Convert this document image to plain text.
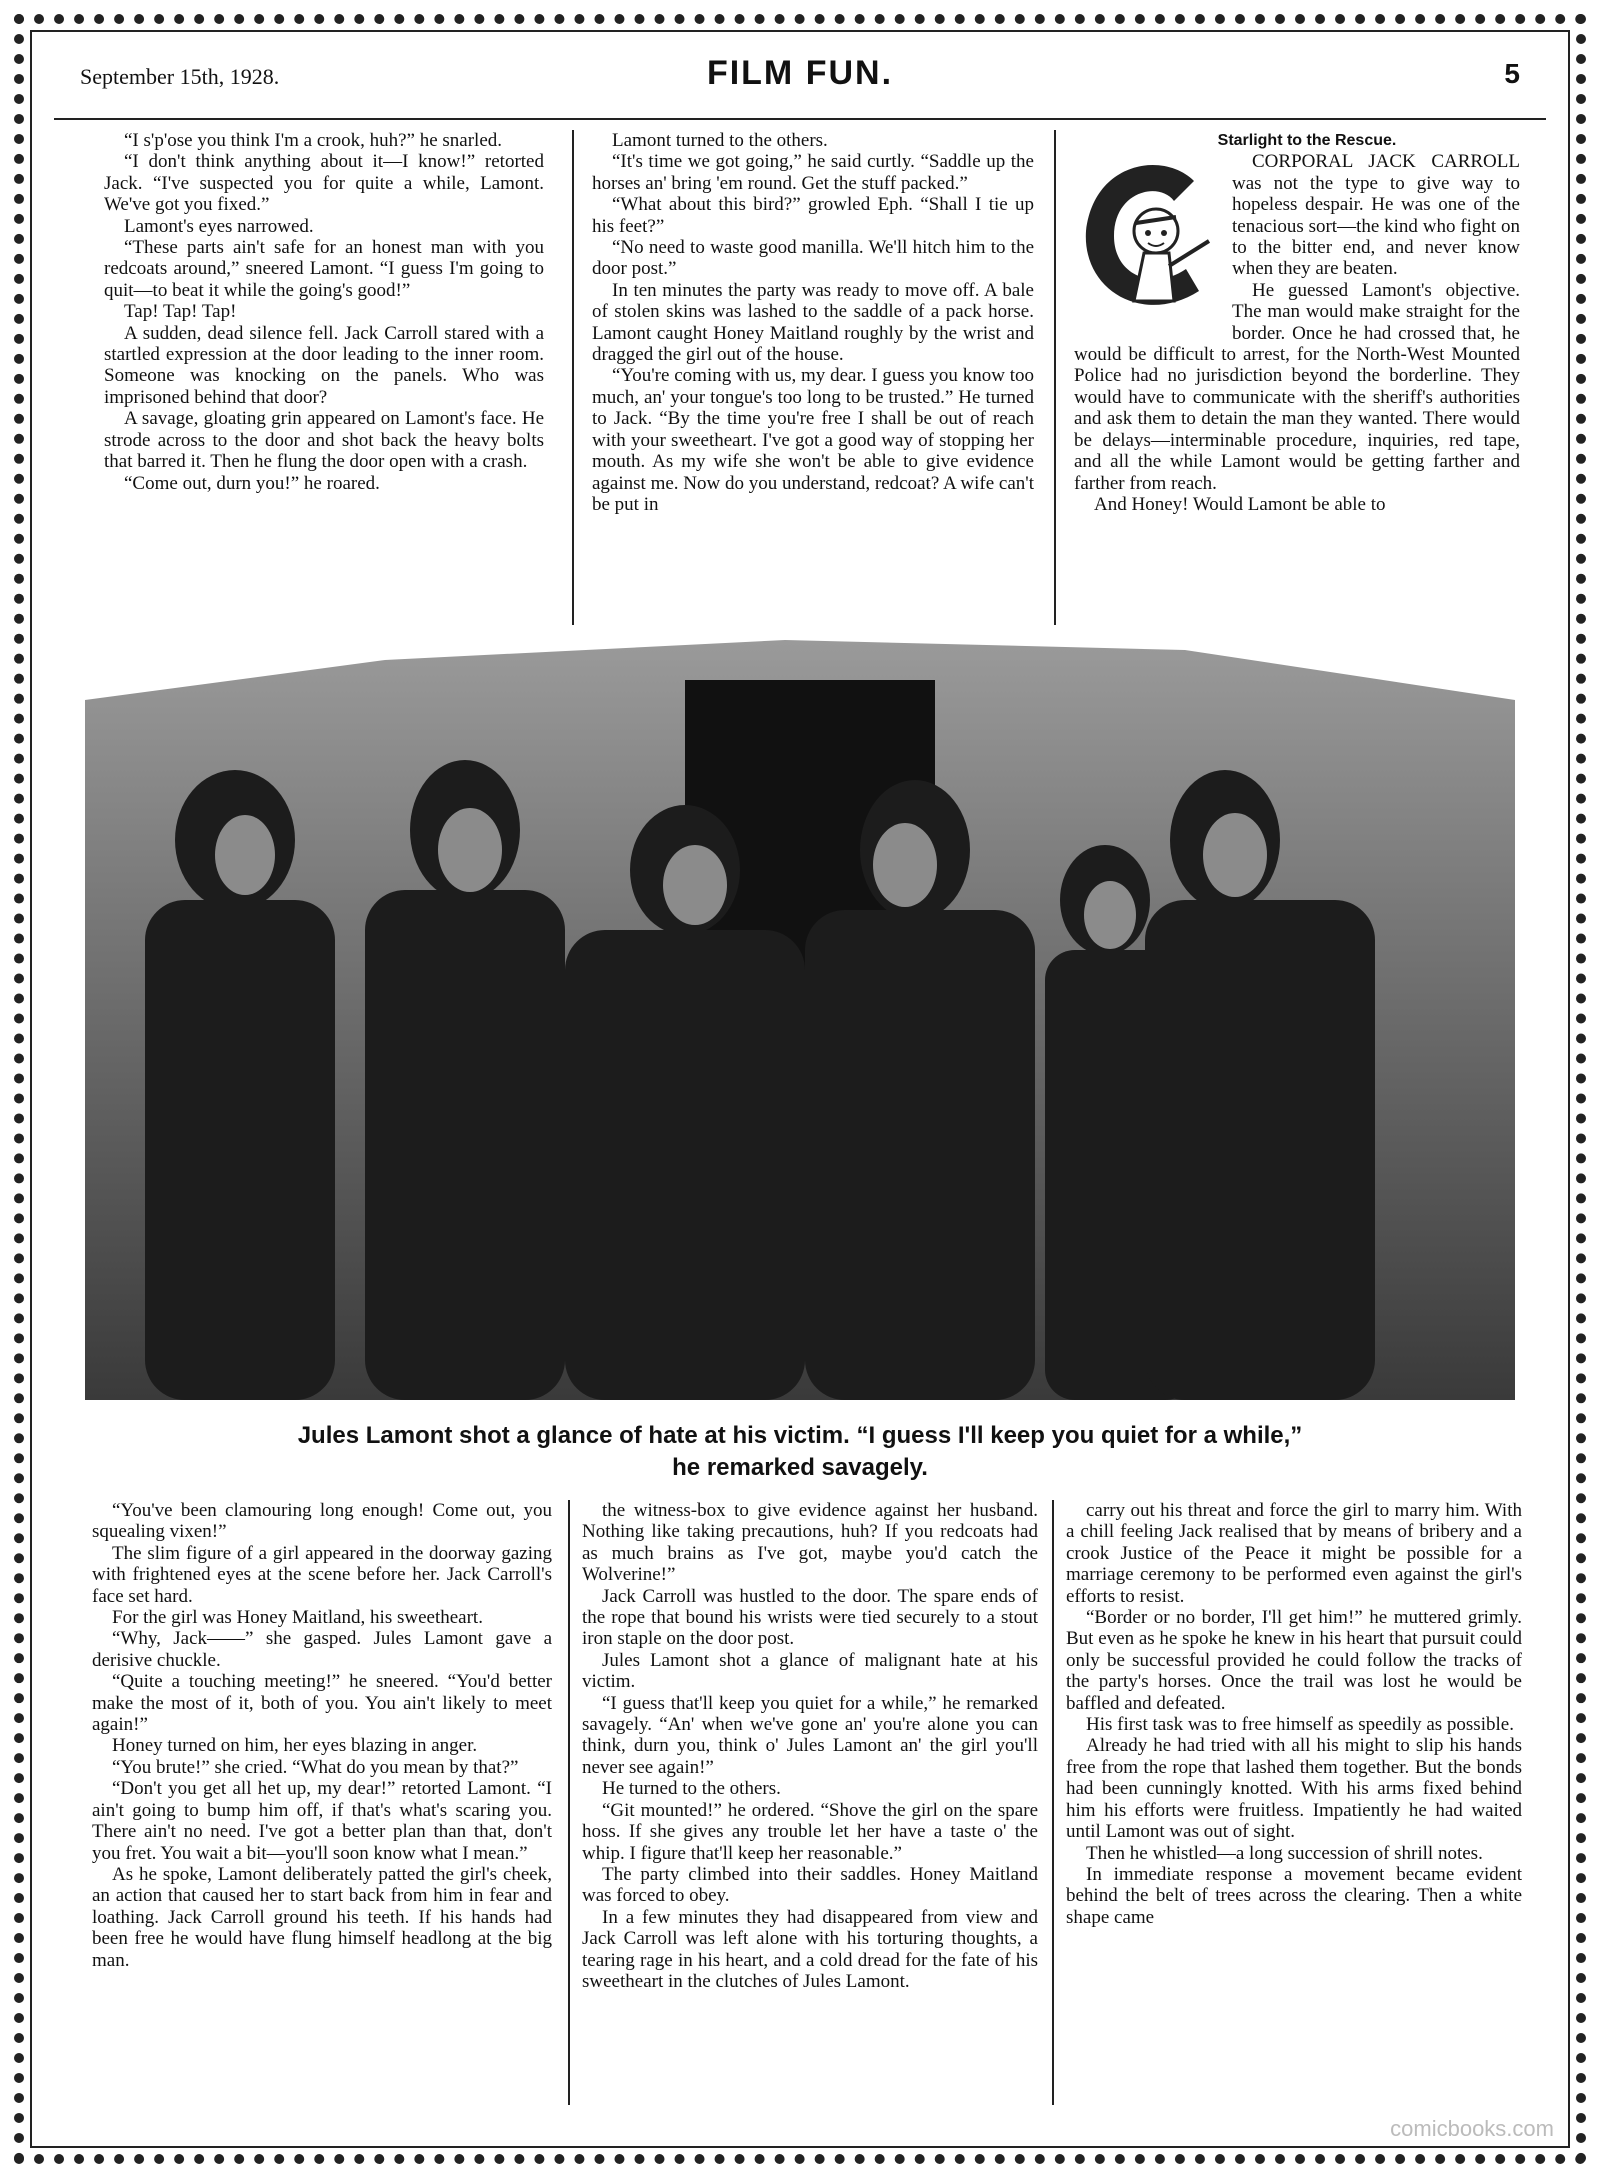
September 15th, 1928.	FILM FUN.	5

“I s'p'ose you think I'm a crook, huh?” he snarled.

“I don't think anything about it—I know!” retorted Jack. “I've suspected you for quite a while, Lamont. We've got you fixed.”

Lamont's eyes narrowed.

“These parts ain't safe for an honest man with you redcoats around,” sneered Lamont. “I guess I'm going to quit—to beat it while the going's good!”

Tap! Tap! Tap!

A sudden, dead silence fell. Jack Carroll stared with a startled expression at the door leading to the inner room. Someone was knocking on the panels. Who was imprisoned behind that door?

A savage, gloating grin appeared on Lamont's face. He strode across to the door and shot back the heavy bolts that barred it. Then he flung the door open with a crash.

“Come out, durn you!” he roared.

Lamont turned to the others.

“It's time we got going,” he said curtly. “Saddle up the horses an' bring 'em round. Get the stuff packed.”

“What about this bird?” growled Eph. “Shall I tie up his feet?”

“No need to waste good manilla. We'll hitch him to the door post.”

In ten minutes the party was ready to move off. A bale of stolen skins was lashed to the saddle of a pack horse. Lamont caught Honey Maitland roughly by the wrist and dragged the girl out of the house.

“You're coming with us, my dear. I guess you know too much, an' your tongue's too long to be trusted.” He turned to Jack. “By the time you're free I shall be out of reach with your sweetheart. I've got a good way of stopping her mouth. As my wife she won't be able to give evidence against me. Now do you understand, redcoat? A wife can't be put in

Starlight to the Rescue.

CORPORAL JACK CARROLL was not the type to give way to hopeless despair. He was one of the tenacious sort—the kind who fight on to the bitter end, and never know when they are beaten.

He guessed Lamont's objective. The man would make straight for the border. Once he had crossed that, he would be difficult to arrest, for the North-West Mounted Police had no jurisdiction beyond the borderline. They would have to communicate with the sheriff's authorities and ask them to detain the man they wanted. There would be delays—interminable procedure, inquiries, red tape, and all the while Lamont would be getting farther and farther from reach.

And Honey! Would Lamont be able to

Jules Lamont shot a glance of hate at his victim. “I guess I'll keep you quiet for a while,”
he remarked savagely.

“You've been clamouring long enough! Come out, you squealing vixen!”

The slim figure of a girl appeared in the doorway gazing with frightened eyes at the scene before her. Jack Carroll's face set hard.

For the girl was Honey Maitland, his sweetheart.

“Why, Jack——” she gasped. Jules Lamont gave a derisive chuckle.

“Quite a touching meeting!” he sneered. “You'd better make the most of it, both of you. You ain't likely to meet again!”

Honey turned on him, her eyes blazing in anger.

“You brute!” she cried. “What do you mean by that?”

“Don't you get all het up, my dear!” retorted Lamont. “I ain't going to bump him off, if that's what's scaring you. There ain't no need. I've got a better plan than that, don't you fret. You wait a bit—you'll soon know what I mean.”

As he spoke, Lamont deliberately patted the girl's cheek, an action that caused her to start back from him in fear and loathing. Jack Carroll ground his teeth. If his hands had been free he would have flung himself headlong at the big man.

the witness-box to give evidence against her husband. Nothing like taking precautions, huh? If you redcoats had as much brains as I've got, maybe you'd catch the Wolverine!”

Jack Carroll was hustled to the door. The spare ends of the rope that bound his wrists were tied securely to a stout iron staple on the door post.

Jules Lamont shot a glance of malignant hate at his victim.

“I guess that'll keep you quiet for a while,” he remarked savagely. “An' when we've gone an' you're alone you can think, durn you, think o' Jules Lamont an' the girl you'll never see again!”

He turned to the others.

“Git mounted!” he ordered. “Shove the girl on the spare hoss. If she gives any trouble let her have a taste o' the whip. I figure that'll keep her reasonable.”

The party climbed into their saddles. Honey Maitland was forced to obey.

In a few minutes they had disappeared from view and Jack Carroll was left alone with his torturing thoughts, a tearing rage in his heart, and a cold dread for the fate of his sweetheart in the clutches of Jules Lamont.

carry out his threat and force the girl to marry him. With a chill feeling Jack realised that by means of bribery and a crook Justice of the Peace it might be possible for a marriage ceremony to be performed even against the girl's efforts to resist.

“Border or no border, I'll get him!” he muttered grimly. But even as he spoke he knew in his heart that pursuit could only be successful provided he could follow the tracks of the party's horses. Once the trail was lost he would be baffled and defeated.

His first task was to free himself as speedily as possible.

Already he had tried with all his might to slip his hands free from the rope that lashed them together. But the bonds had been cunningly knotted. With his arms fixed behind him his efforts were fruitless. Impatiently he had waited until Lamont was out of sight.

Then he whistled—a long succession of shrill notes.

In immediate response a movement became evident behind the belt of trees across the clearing. Then a white shape came

comicbooks.com
